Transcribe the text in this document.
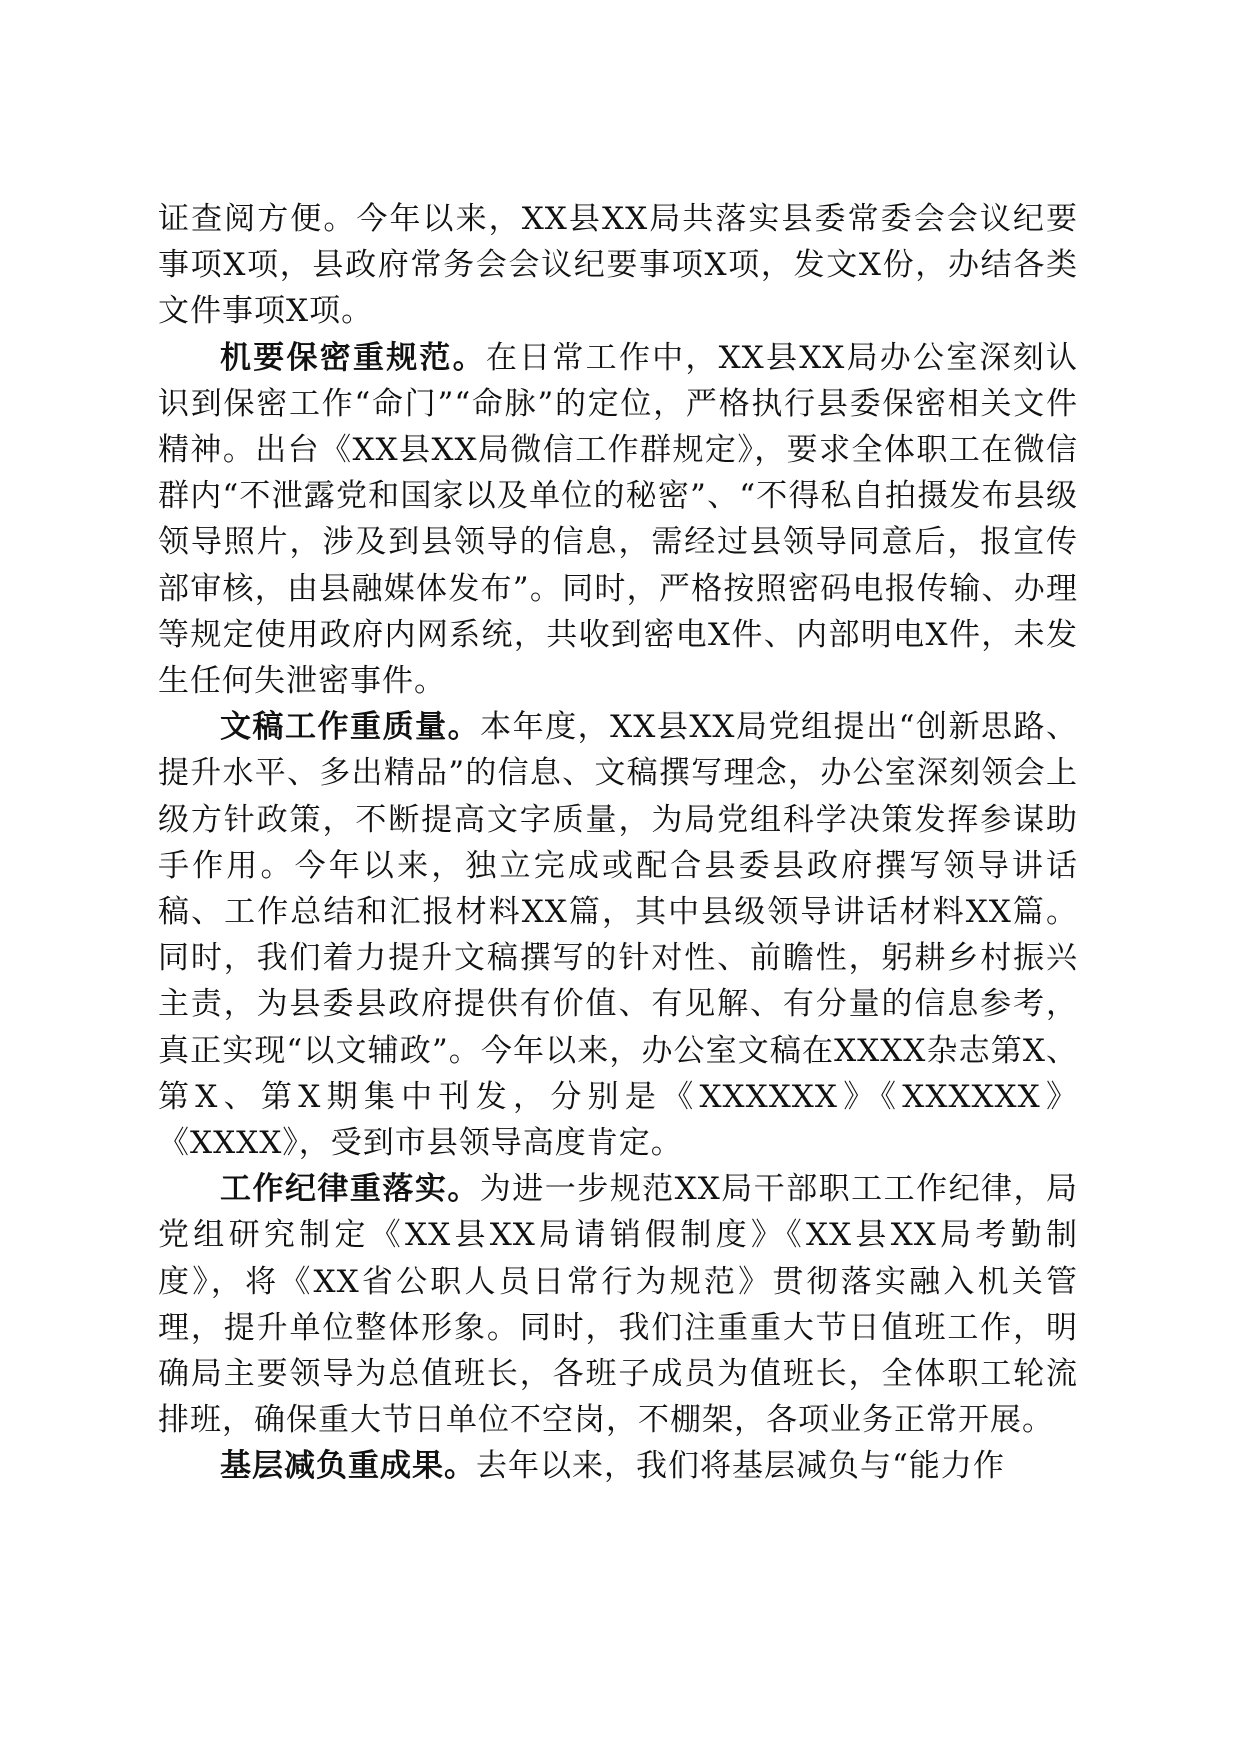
证查阅方便。今年以来，XX县XX局共落实县委常委会会议纪要事项X项，县政府常务会会议纪要事项X项，发文X份，办结各类文件事项X项。

机要保密重规范。在日常工作中，XX县XX局办公室深刻认识到保密工作“命门”“命脉”的定位，严格执行县委保密相关文件精神。出台《XX县XX局微信工作群规定》，要求全体职工在微信群内“不泄露党和国家以及单位的秘密”、“不得私自拍摄发布县级领导照片，涉及到县领导的信息，需经过县领导同意后，报宣传部审核，由县融媒体发布”。同时，严格按照密码电报传输、办理等规定使用政府内网系统，共收到密电X件、内部明电X件，未发生任何失泄密事件。

文稿工作重质量。本年度，XX县XX局党组提出“创新思路、提升水平、多出精品”的信息、文稿撰写理念，办公室深刻领会上级方针政策，不断提高文字质量，为局党组科学决策发挥参谋助手作用。今年以来，独立完成或配合县委县政府撰写领导讲话稿、工作总结和汇报材料XX篇，其中县级领导讲话材料XX篇。同时，我们着力提升文稿撰写的针对性、前瞻性，躬耕乡村振兴主责，为县委县政府提供有价值、有见解、有分量的信息参考，真正实现“以文辅政”。今年以来，办公室文稿在XXXX杂志第X、第X、第X期集中刊发，分别是《XXXXXX》《XXXXXX》《XXXX》，受到市县领导高度肯定。

工作纪律重落实。为进一步规范XX局干部职工工作纪律，局党组研究制定《XX县XX局请销假制度》《XX县XX局考勤制度》，将《XX省公职人员日常行为规范》贯彻落实融入机关管理，提升单位整体形象。同时，我们注重重大节日值班工作，明确局主要领导为总值班长，各班子成员为值班长，全体职工轮流排班，确保重大节日单位不空岗，不棚架，各项业务正常开展。

基层减负重成果。去年以来，我们将基层减负与“能力作
